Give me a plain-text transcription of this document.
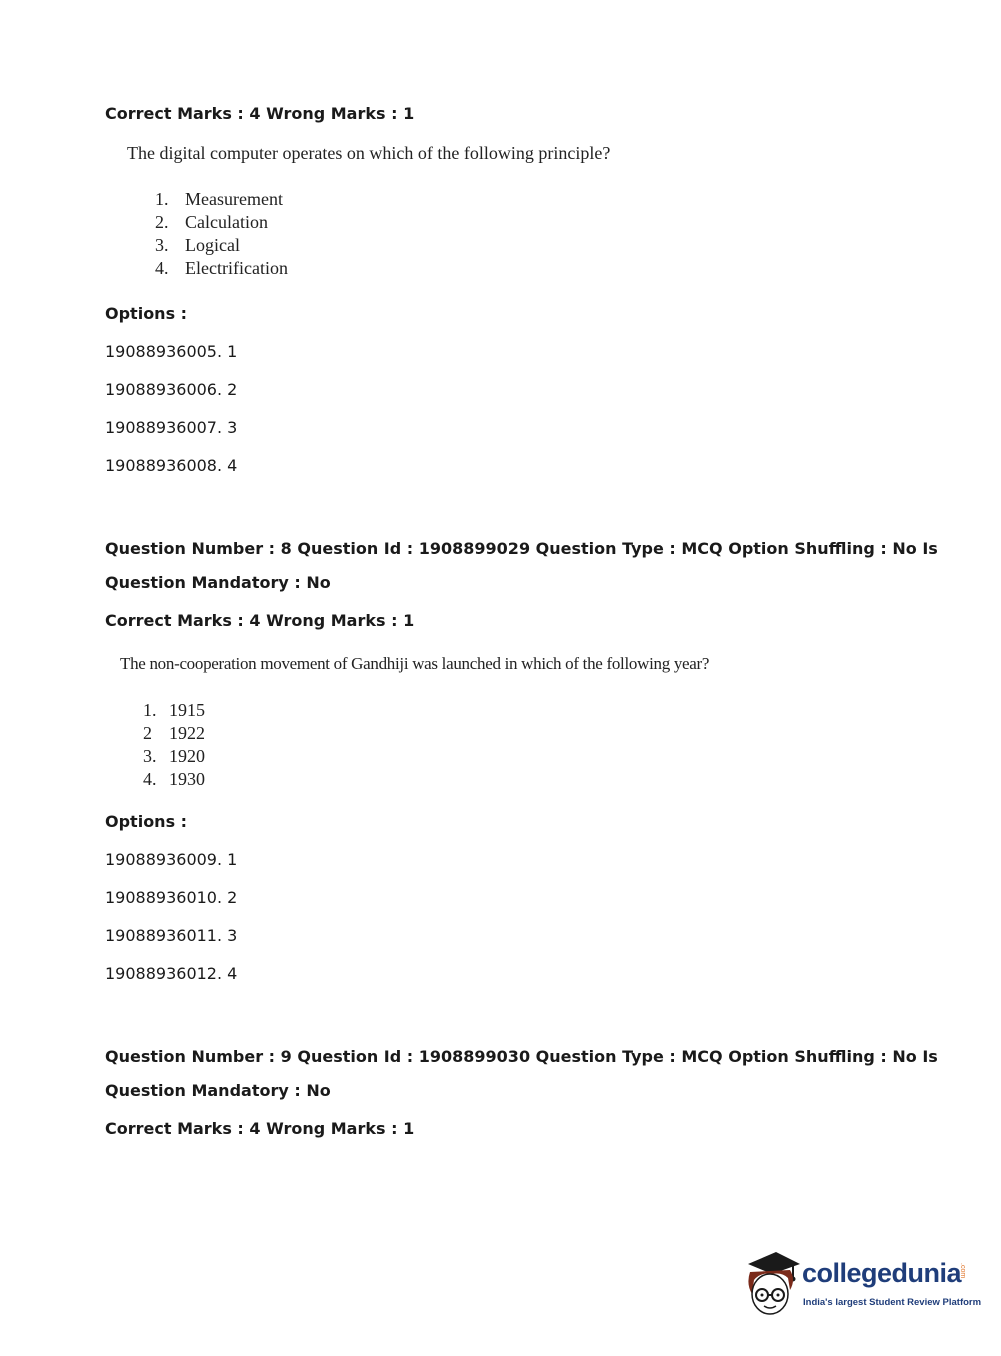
Correct Marks : 4 Wrong Marks : 1
The digital computer operates on which of the following principle?
1. Measurement
2. Calculation
3. Logical
4. Electrification
Options :
19088936005. 1
19088936006. 2
19088936007. 3
19088936008. 4
Question Number : 8 Question Id : 1908899029 Question Type : MCQ Option Shuffling : No Is
Question Mandatory : No
Correct Marks : 4 Wrong Marks : 1
The non-cooperation movement of Gandhiji was launched in which of the following year?
1. 1915
2 1922
3. 1920
4. 1930
Options :
19088936009. 1
19088936010. 2
19088936011. 3
19088936012. 4
Question Number : 9 Question Id : 1908899030 Question Type : MCQ Option Shuffling : No Is
Question Mandatory : No
Correct Marks : 4 Wrong Marks : 1
collegedunia
.com
India's largest Student Review Platform
